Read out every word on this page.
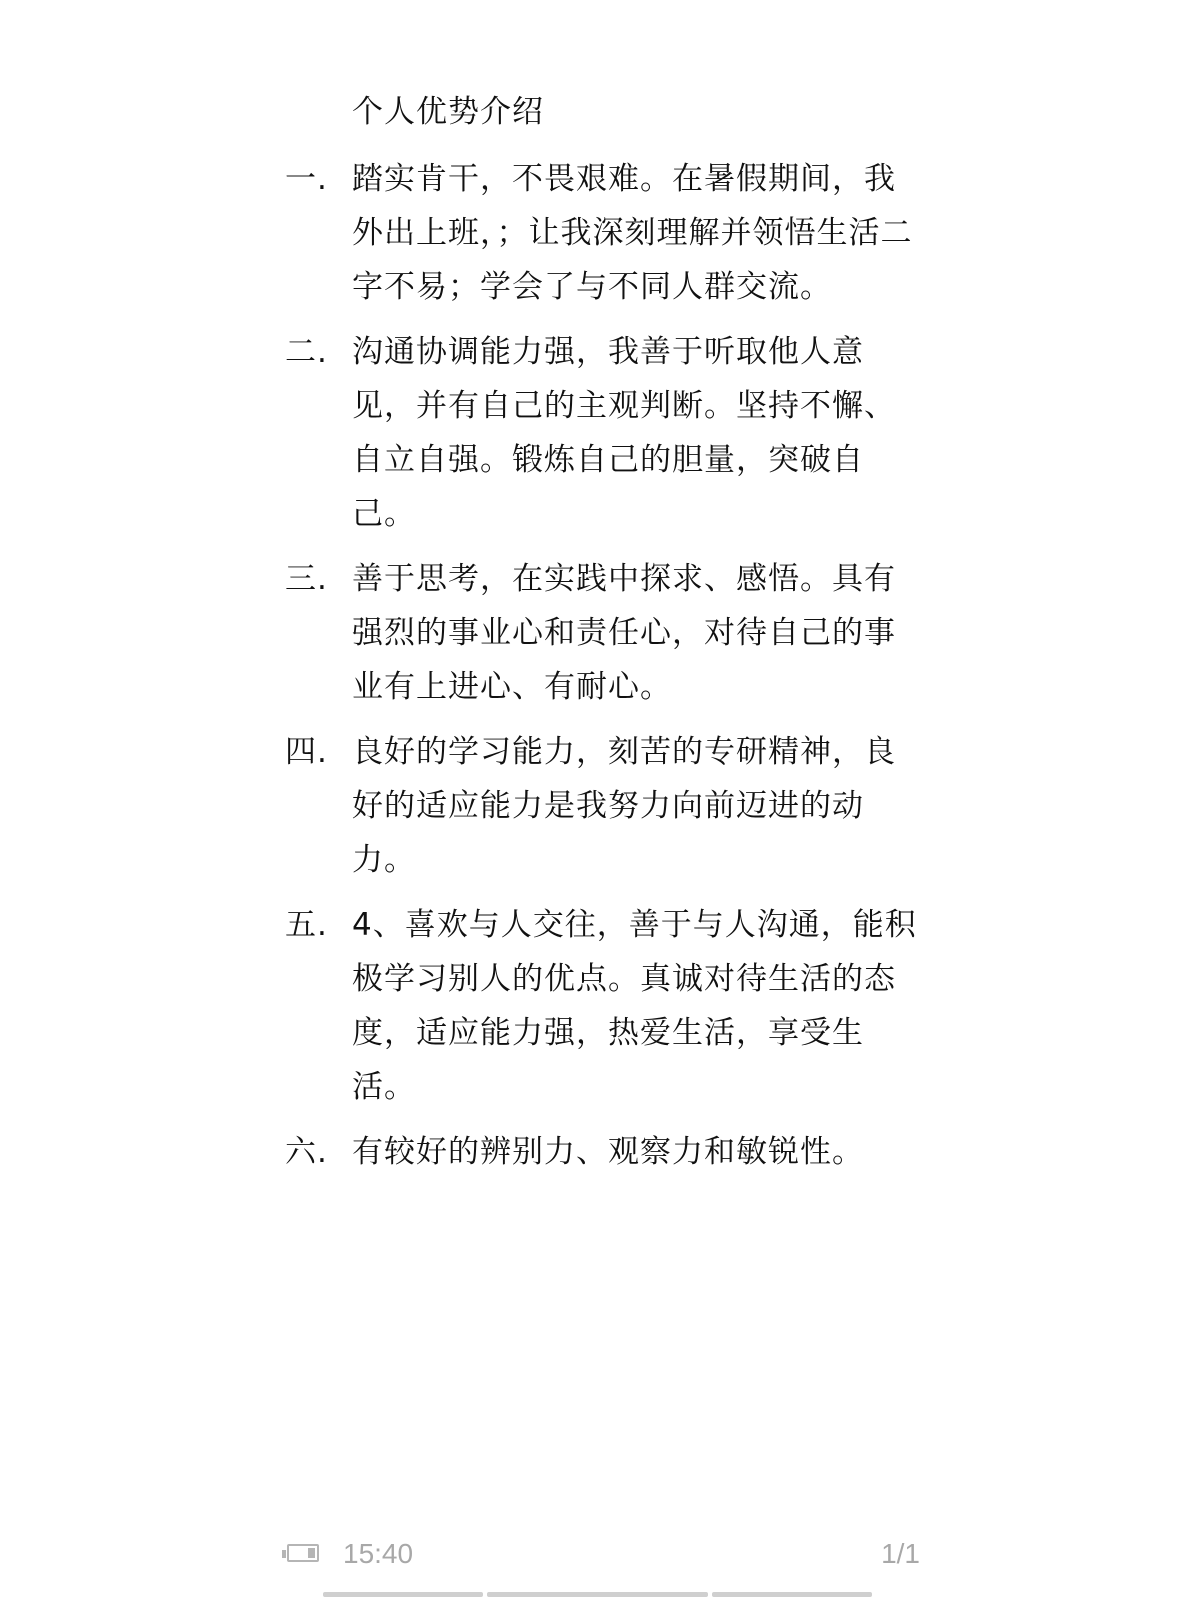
个人优势介绍

一. 踏实肯干，不畏艰难。在暑假期间，我外出上班，；让我深刻理解并领悟生活二字不易；学会了与不同人群交流。

二. 沟通协调能力强，我善于听取他人意见，并有自己的主观判断。坚持不懈、自立自强。锻炼自己的胆量，突破自己。

三. 善于思考，在实践中探求、感悟。具有强烈的事业心和责任心，对待自己的事业有上进心、有耐心。

四. 良好的学习能力，刻苦的专研精神，良好的适应能力是我努力向前迈进的动力。

五. 4、喜欢与人交往，善于与人沟通，能积极学习别人的优点。真诚对待生活的态度，适应能力强，热爱生活，享受生活。

六. 有较好的辨别力、观察力和敏锐性。

15:40	1/1
